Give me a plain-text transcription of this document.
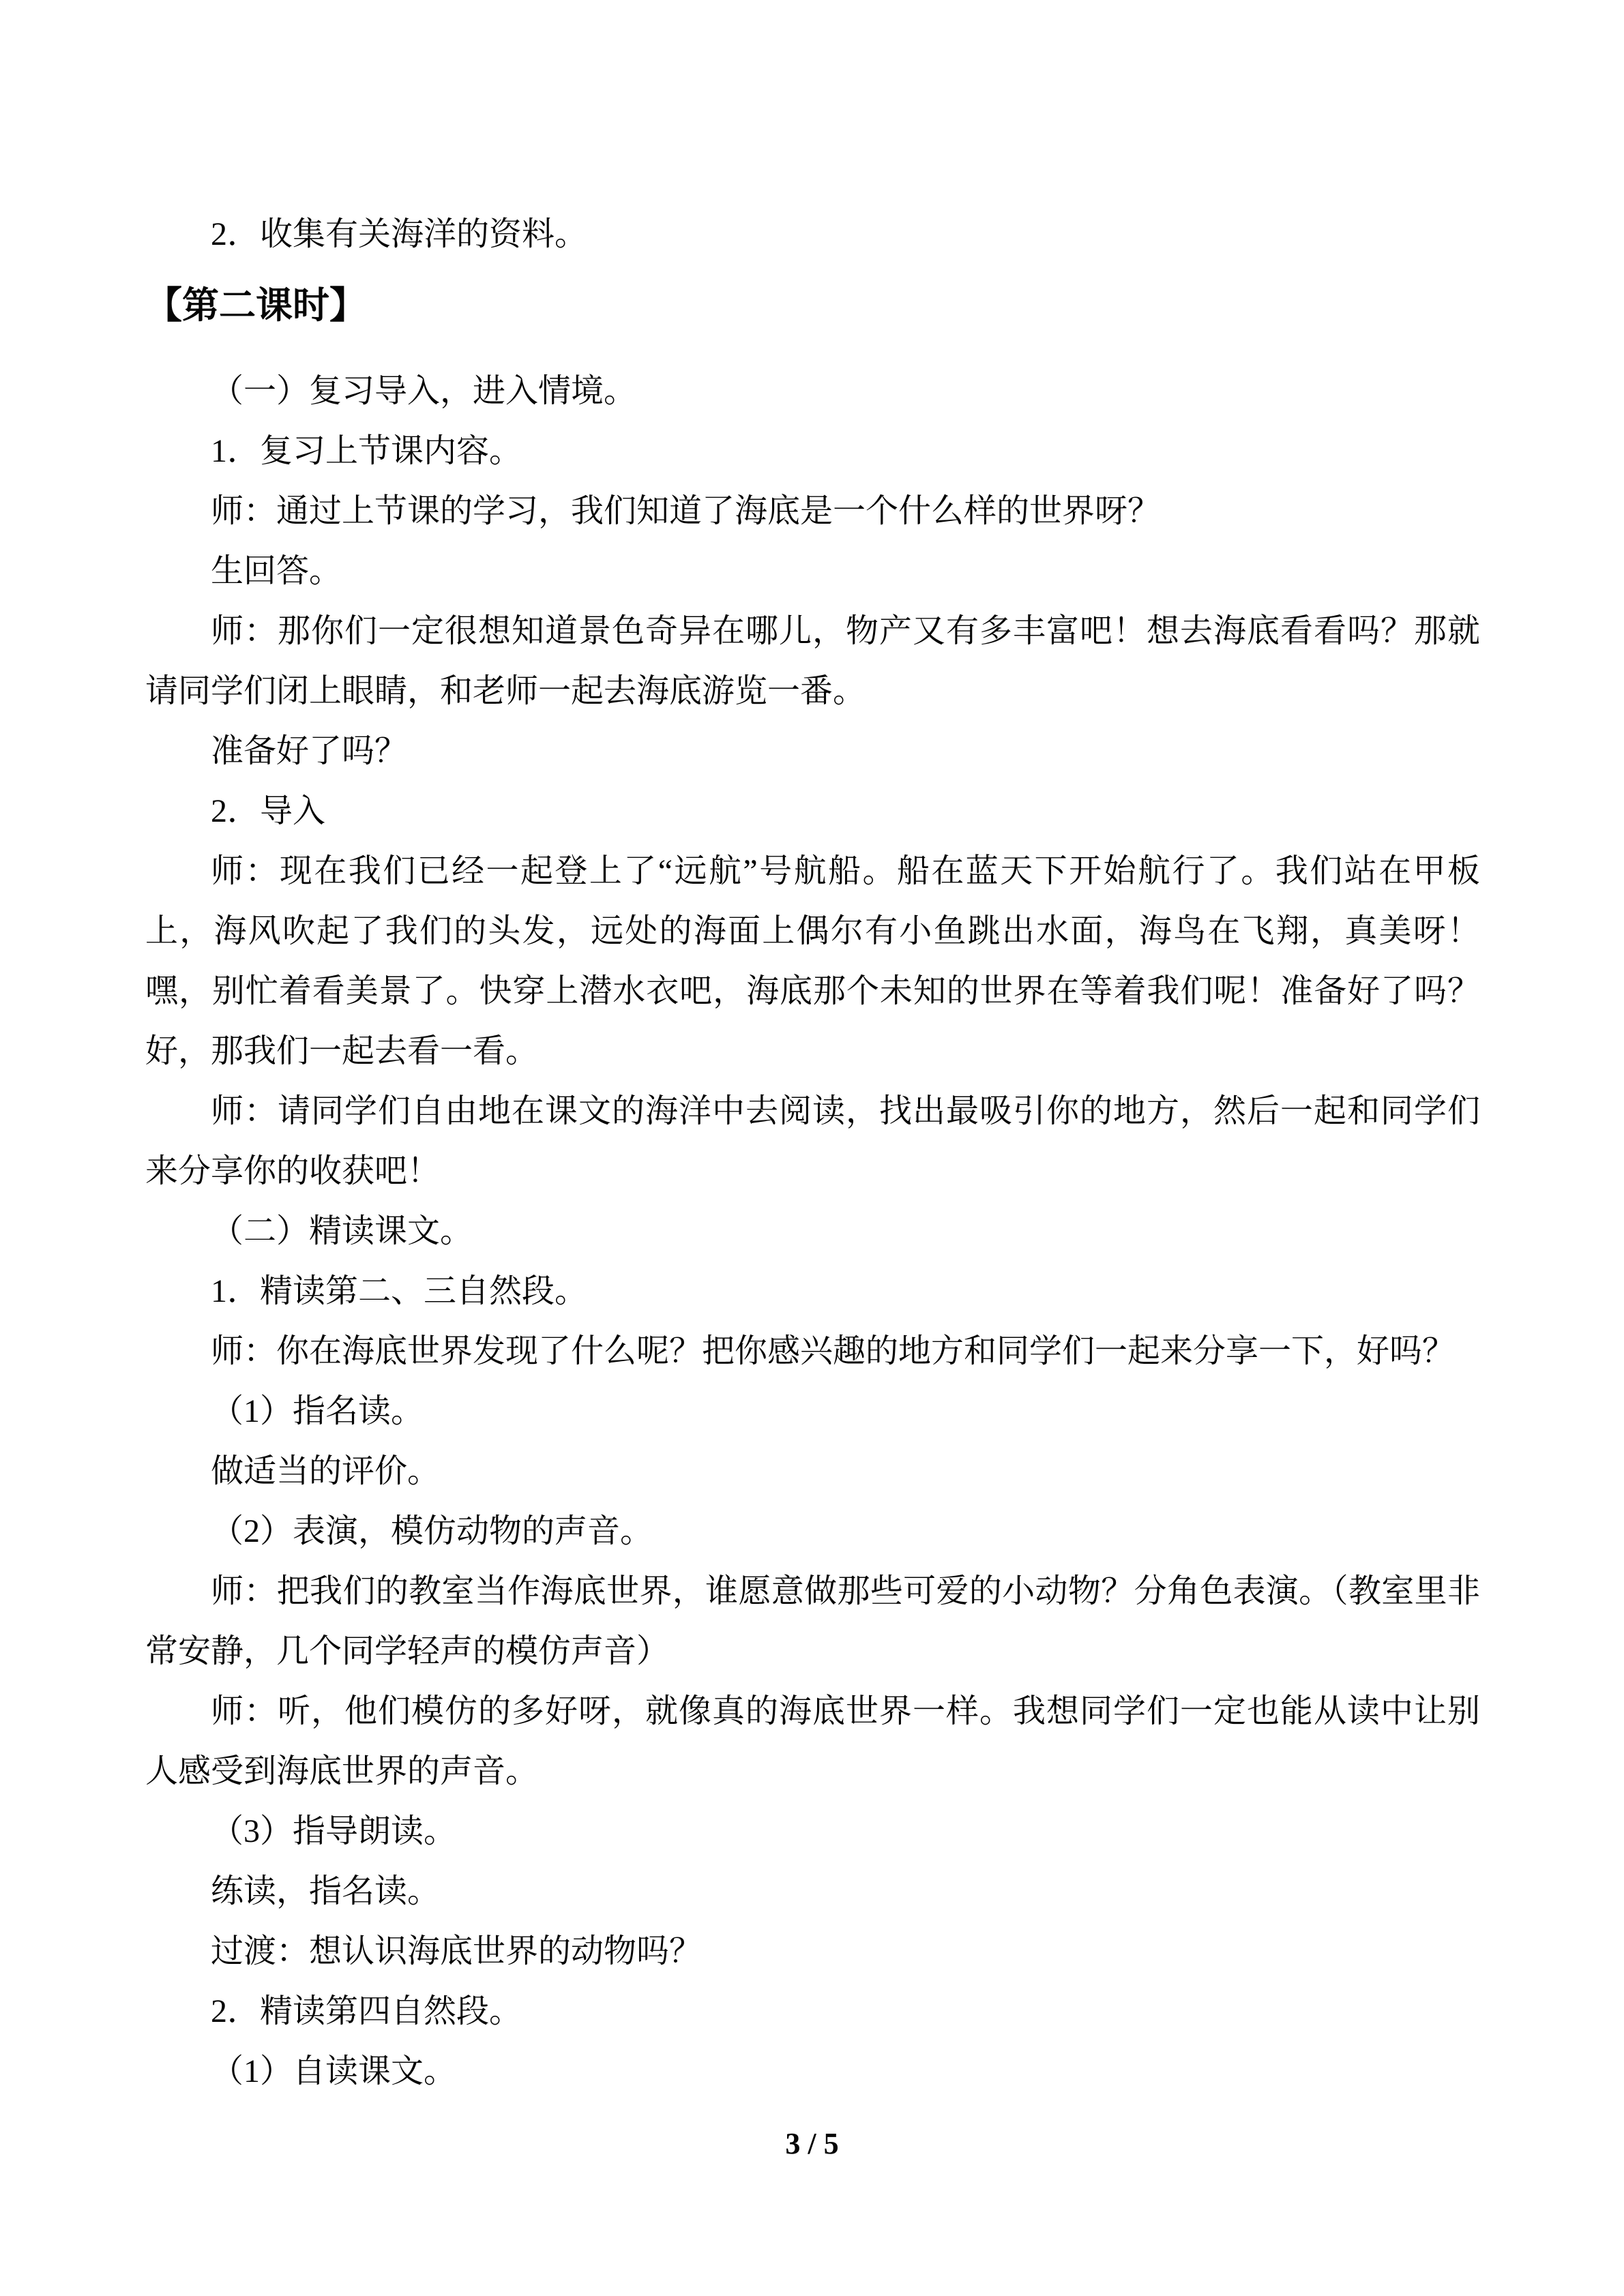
2．收集有关海洋的资料。
【第二课时】
（一）复习导入，进入情境。
1．复习上节课内容。
师：通过上节课的学习，我们知道了海底是一个什么样的世界呀？
生回答。
师：那你们一定很想知道景色奇异在哪儿，物产又有多丰富吧！想去海底看看吗？那就
请同学们闭上眼睛，和老师一起去海底游览一番。
准备好了吗？
2．导入
师：现在我们已经一起登上了“远航”号航船。船在蓝天下开始航行了。我们站在甲板
上，海风吹起了我们的头发，远处的海面上偶尔有小鱼跳出水面，海鸟在飞翔，真美呀！
嘿，别忙着看美景了。快穿上潜水衣吧，海底那个未知的世界在等着我们呢！准备好了吗？
好，那我们一起去看一看。
师：请同学们自由地在课文的海洋中去阅读，找出最吸引你的地方，然后一起和同学们
来分享你的收获吧！
（二）精读课文。
1．精读第二、三自然段。
师：你在海底世界发现了什么呢？把你感兴趣的地方和同学们一起来分享一下，好吗？
（1）指名读。
做适当的评价。
（2）表演，模仿动物的声音。
师：把我们的教室当作海底世界，谁愿意做那些可爱的小动物？分角色表演。（教室里非
常安静，几个同学轻声的模仿声音）
师：听，他们模仿的多好呀，就像真的海底世界一样。我想同学们一定也能从读中让别
人感受到海底世界的声音。
（3）指导朗读。
练读，指名读。
过渡：想认识海底世界的动物吗？
2．精读第四自然段。
（1）自读课文。
3 / 5
